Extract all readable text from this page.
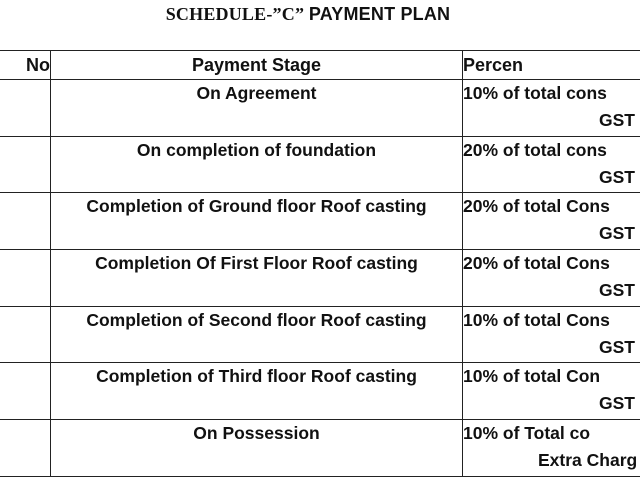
SCHEDULE-”C” PAYMENT PLAN
No	Payment Stage	Percen
	On Agreement	10% of total cons
GST

	On completion of foundation	20% of total cons
GST

	Completion of Ground floor Roof casting	20% of total Cons
GST

	Completion Of First Floor Roof casting	20% of total Cons
GST

	Completion of Second floor Roof casting	10% of total Cons
GST

	Completion of Third floor Roof casting	10% of total Con
GST

	On Possession	10% of Total co
Extra Charg
